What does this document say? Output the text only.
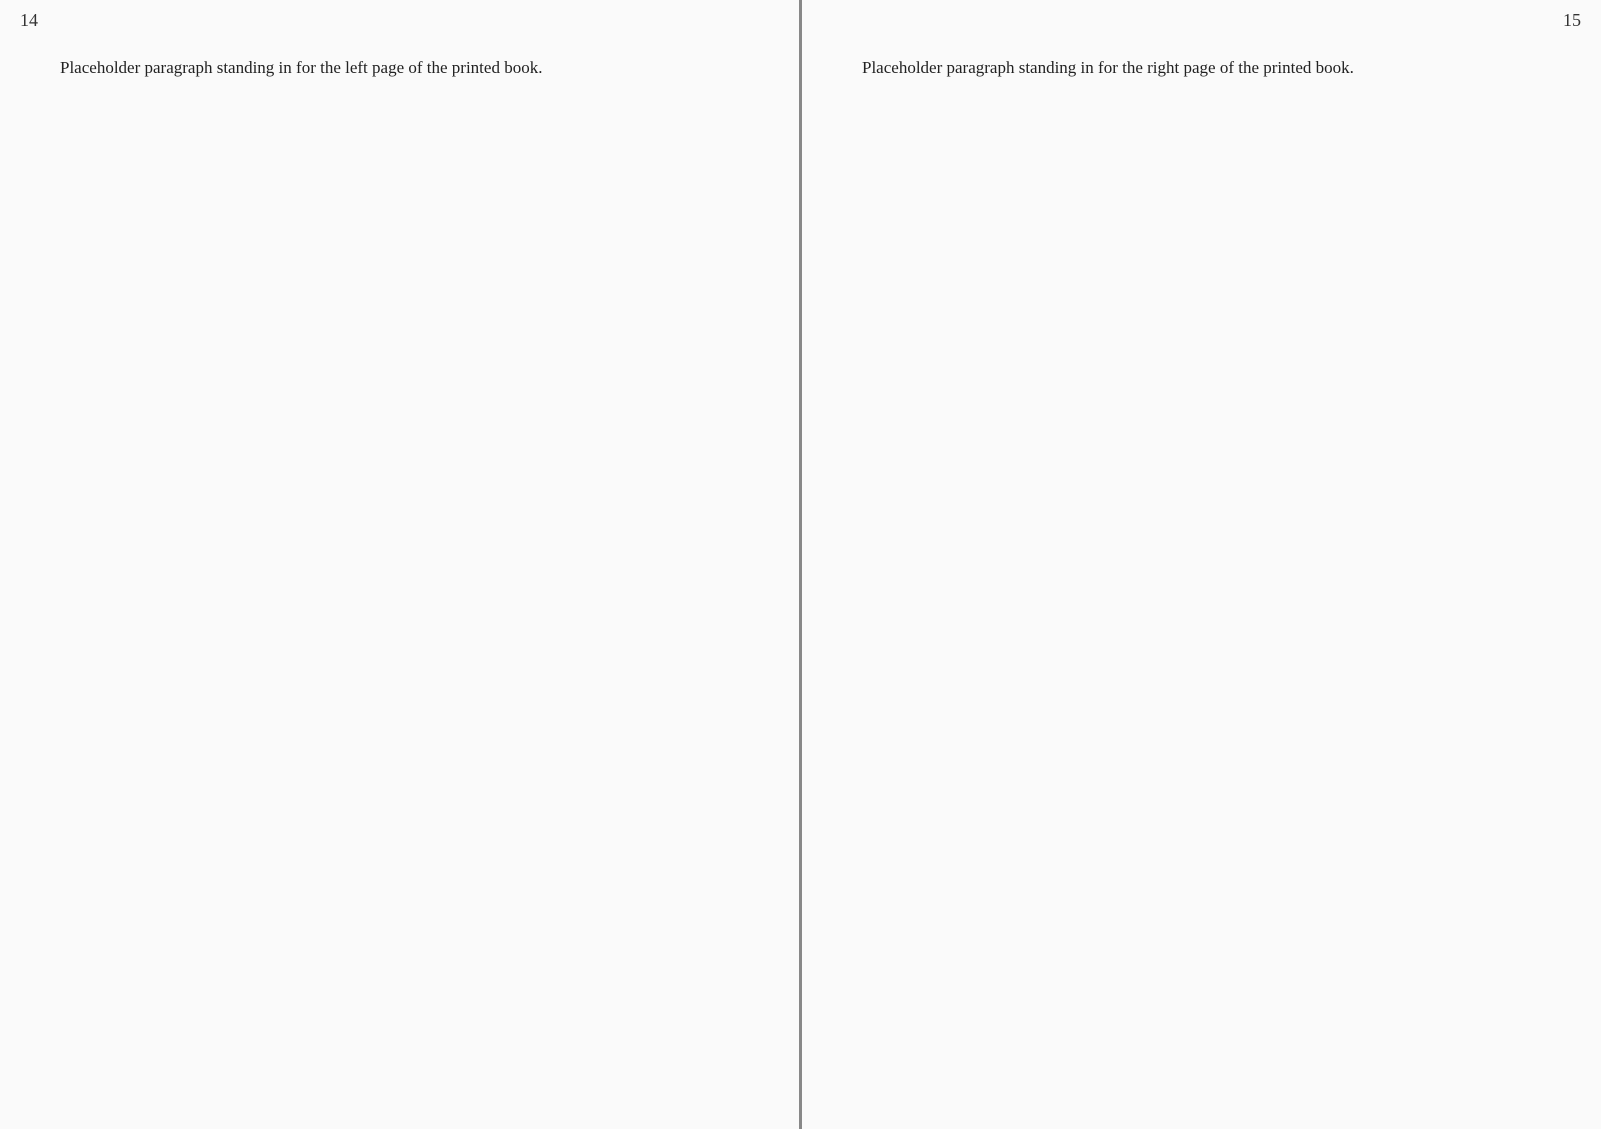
14

Placeholder paragraph standing in for the left page of the printed book.

15

Placeholder paragraph standing in for the right page of the printed book.
